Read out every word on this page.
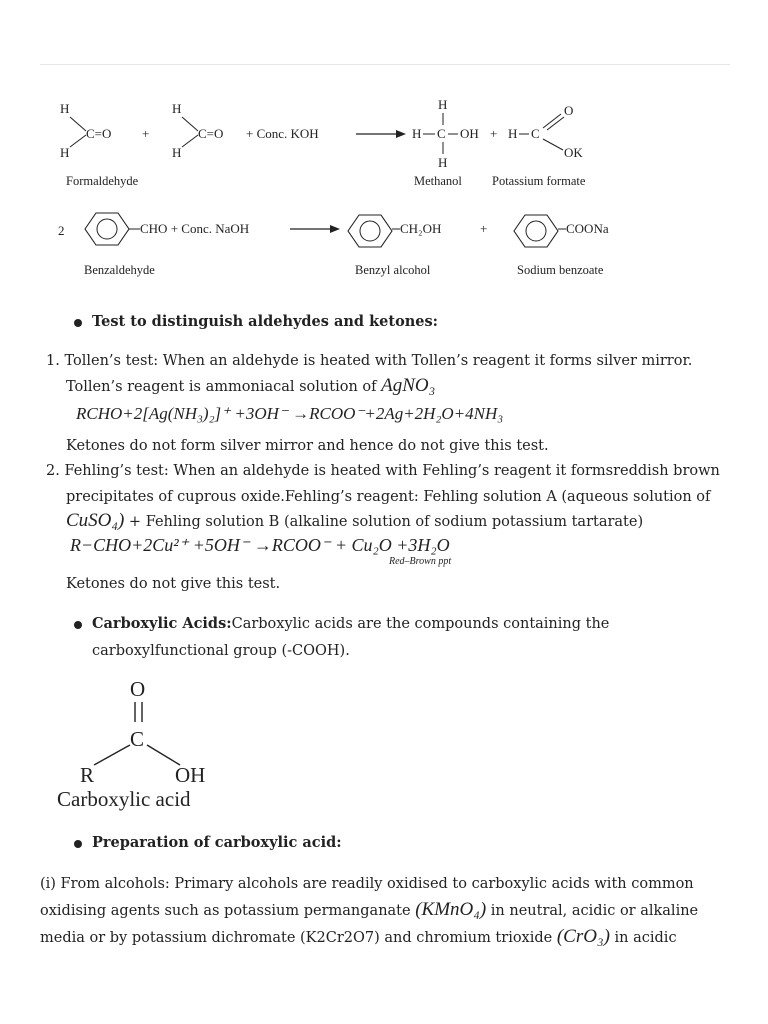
H
H
C=O +
H
H
C=O + Conc. KOH
H
H C OH
H
+ H C
O
OK
Formaldehyde	Methanol Potassium formate
2	CHO + Conc. NaOH	CH₂OH	+	COONa
Benzaldehyde	Benzyl alcohol	Sodium benzoate
Test to distinguish aldehydes and ketones:
1. Tollen’s test: When an aldehyde is heated with Tollen’s reagent it forms silver mirror.
Tollen’s reagent is ammoniacal solution of AgNO₃
RCHO+2[Ag(NH₃)₂]⁺ +3OH⁻ →RCOO⁻+2Ag+2H₂O+4NH₃
Ketones do not form silver mirror and hence do not give this test.
2. Fehling’s test: When an aldehyde is heated with Fehling’s reagent it formsreddish brown
precipitates of cuprous oxide.Fehling’s reagent: Fehling solution A (aqueous solution of
CuSO₄) + Fehling solution B (alkaline solution of sodium potassium tartarate)
R−CHO+2Cu²⁺ +5OH⁻ →RCOO⁻ + Cu₂O +3H₂O
Red–Brown ppt
Ketones do not give this test.
Carboxylic Acids:Carboxylic acids are the compounds containing the
carboxylfunctional group (-COOH).
O
C
R	OH
Carboxylic acid
Preparation of carboxylic acid:
(i) From alcohols: Primary alcohols are readily oxidised to carboxylic acids with common
oxidising agents such as potassium permanganate (KMnO₄) in neutral, acidic or alkaline
media or by potassium dichromate (K2Cr2O7) and chromium trioxide (CrO₃) in acidic
